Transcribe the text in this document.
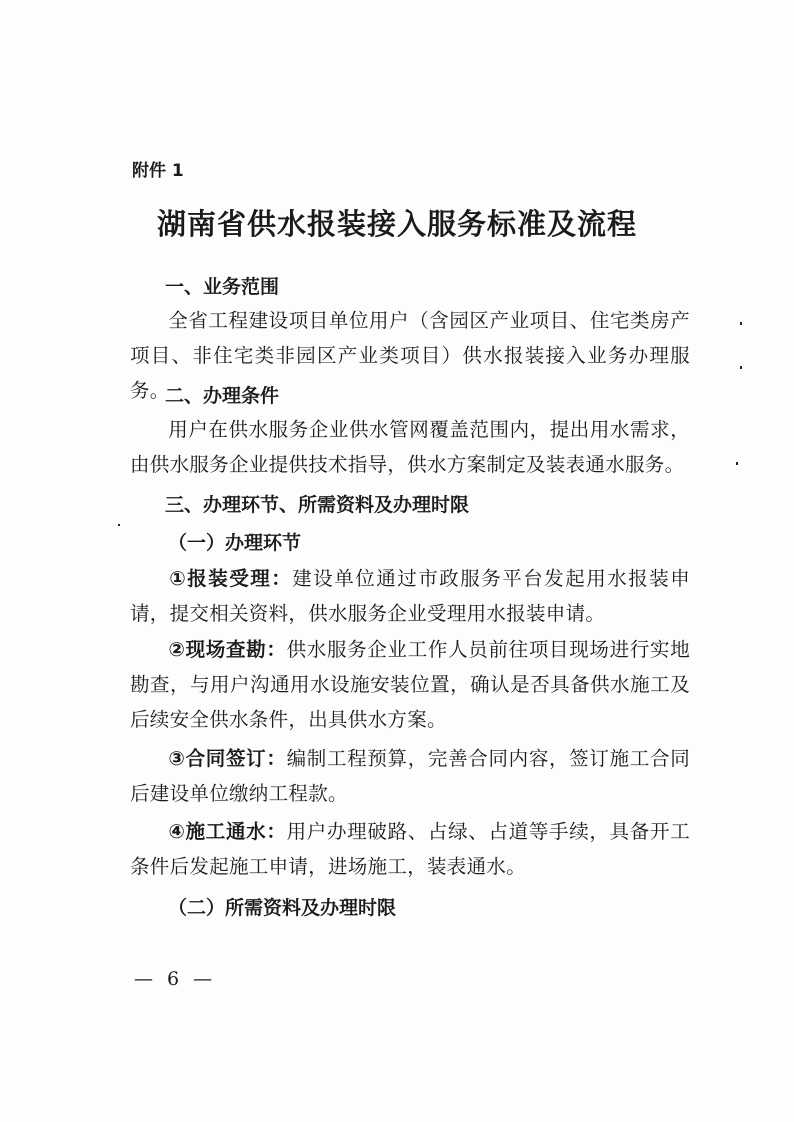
附件 1
湖南省供水报装接入服务标准及流程
一、业务范围
全省工程建设项目单位用户（含园区产业项目、住宅类房产项目、非住宅类非园区产业类项目）供水报装接入业务办理服务。
二、办理条件
用户在供水服务企业供水管网覆盖范围内，提出用水需求，由供水服务企业提供技术指导，供水方案制定及装表通水服务。
三、办理环节、所需资料及办理时限
（一）办理环节
①报装受理：建设单位通过市政服务平台发起用水报装申请，提交相关资料，供水服务企业受理用水报装申请。
②现场查勘：供水服务企业工作人员前往项目现场进行实地勘查，与用户沟通用水设施安装位置，确认是否具备供水施工及后续安全供水条件，出具供水方案。
③合同签订：编制工程预算，完善合同内容，签订施工合同后建设单位缴纳工程款。
④施工通水：用户办理破路、占绿、占道等手续，具备开工条件后发起施工申请，进场施工，装表通水。
（二）所需资料及办理时限
— 6 —
